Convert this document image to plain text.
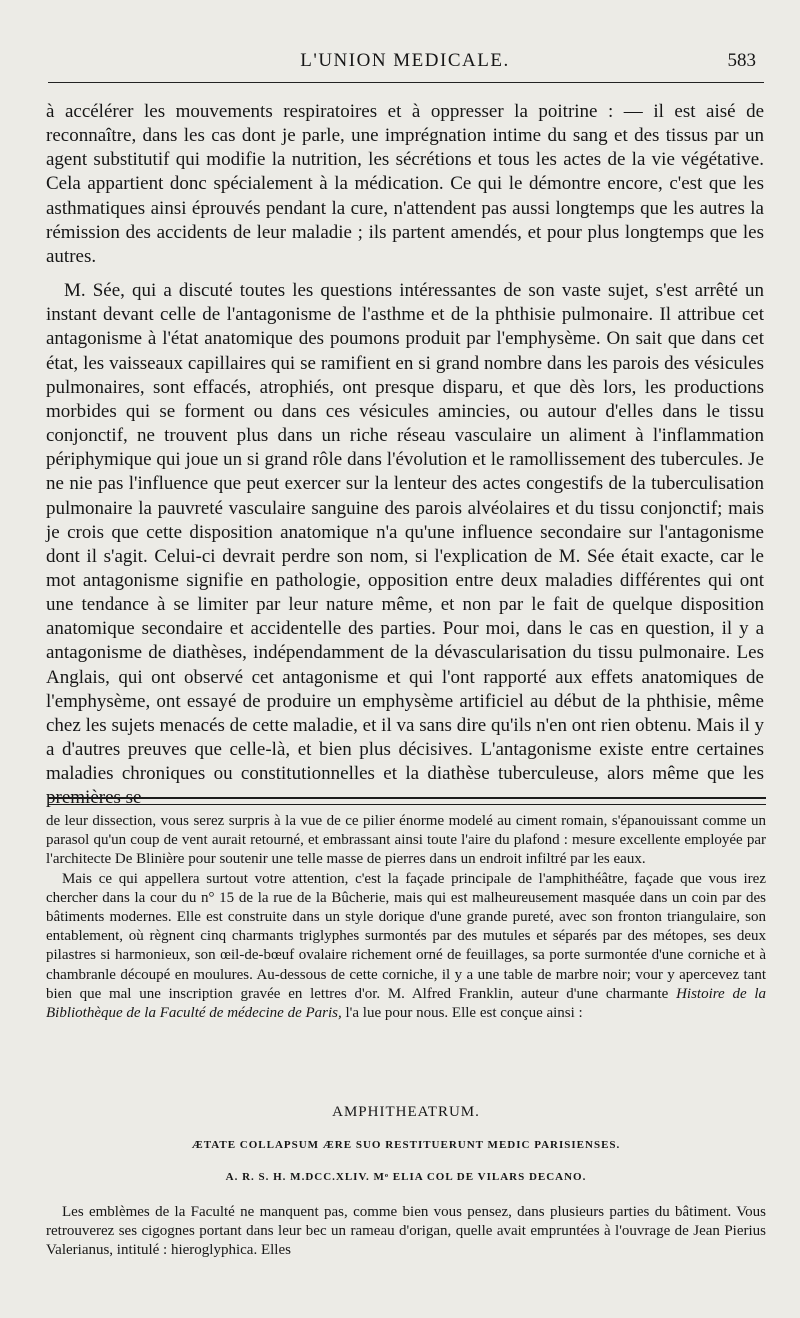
L'UNION MEDICALE.	583

à accélérer les mouvements respiratoires et à oppresser la poitrine : — il est aisé de reconnaître, dans les cas dont je parle, une imprégnation intime du sang et des tissus par un agent substitutif qui modifie la nutrition, les sécrétions et tous les actes de la vie végétative. Cela appartient donc spécialement à la médication. Ce qui le démontre encore, c'est que les asthmatiques ainsi éprouvés pendant la cure, n'attendent pas aussi longtemps que les autres la rémission des accidents de leur maladie ; ils partent amendés, et pour plus longtemps que les autres.

M. Sée, qui a discuté toutes les questions intéressantes de son vaste sujet, s'est arrêté un instant devant celle de l'antagonisme de l'asthme et de la phthisie pulmonaire. Il attribue cet antagonisme à l'état anatomique des poumons produit par l'emphysème. On sait que dans cet état, les vaisseaux capillaires qui se ramifient en si grand nombre dans les parois des vésicules pulmonaires, sont effacés, atrophiés, ont presque disparu, et que dès lors, les productions morbides qui se forment ou dans ces vésicules amincies, ou autour d'elles dans le tissu conjonctif, ne trouvent plus dans un riche réseau vasculaire un aliment à l'inflammation périphymique qui joue un si grand rôle dans l'évolution et le ramollissement des tubercules. Je ne nie pas l'influence que peut exercer sur la lenteur des actes congestifs de la tuberculisation pulmonaire la pauvreté vasculaire sanguine des parois alvéolaires et du tissu conjonctif; mais je crois que cette disposition anatomique n'a qu'une influence secondaire sur l'antagonisme dont il s'agit. Celui-ci devrait perdre son nom, si l'explication de M. Sée était exacte, car le mot antagonisme signifie en pathologie, opposition entre deux maladies différentes qui ont une tendance à se limiter par leur nature même, et non par le fait de quelque disposition anatomique secondaire et accidentelle des parties. Pour moi, dans le cas en question, il y a antagonisme de diathèses, indépendamment de la dévascularisation du tissu pulmonaire. Les Anglais, qui ont observé cet antagonisme et qui l'ont rapporté aux effets anatomiques de l'emphysème, ont essayé de produire un emphysème artificiel au début de la phthisie, même chez les sujets menacés de cette maladie, et il va sans dire qu'ils n'en ont rien obtenu. Mais il y a d'autres preuves que celle-là, et bien plus décisives. L'antagonisme existe entre certaines maladies chroniques ou constitutionnelles et la diathèse tuberculeuse, alors même que les premières se

de leur dissection, vous serez surpris à la vue de ce pilier énorme modelé au ciment romain, s'épanouissant comme un parasol qu'un coup de vent aurait retourné, et embrassant ainsi toute l'aire du plafond : mesure excellente employée par l'architecte De Blinière pour soutenir une telle masse de pierres dans un endroit infiltré par les eaux.

Mais ce qui appellera surtout votre attention, c'est la façade principale de l'amphithéâtre, façade que vous irez chercher dans la cour du n° 15 de la rue de la Bûcherie, mais qui est malheureusement masquée dans un coin par des bâtiments modernes. Elle est construite dans un style dorique d'une grande pureté, avec son fronton triangulaire, son entablement, où règnent cinq charmants triglyphes surmontés par des mutules et séparés par des métopes, ses deux pilastres si harmonieux, son œil-de-bœuf ovalaire richement orné de feuillages, sa porte surmontée d'une corniche et à chambranle découpé en moulures. Au-dessous de cette corniche, il y a une table de marbre noir; vour y apercevez tant bien que mal une inscription gravée en lettres d'or. M. Alfred Franklin, auteur d'une charmante Histoire de la Bibliothèque de la Faculté de médecine de Paris, l'a lue pour nous. Elle est conçue ainsi :

AMPHITHEATRUM.
ÆTATE COLLAPSUM ÆRE SUO RESTITUERUNT MEDIC PARISIENSES.
A. R. S. H. M.DCC.XLIV. Mᵒ ELIA COL DE VILARS DECANO.

Les emblèmes de la Faculté ne manquent pas, comme bien vous pensez, dans plusieurs parties du bâtiment. Vous retrouverez ses cigognes portant dans leur bec un rameau d'origan, quelle avait empruntées à l'ouvrage de Jean Pierius Valerianus, intitulé : hieroglyphica. Elles
